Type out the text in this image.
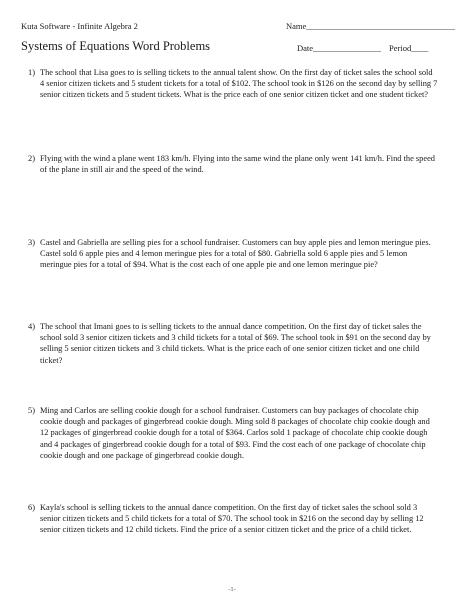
Kuta Software - Infinite Algebra 2	Name___________________________________
Systems of Equations Word Problems	Date________________ Period____
1) The school that Lisa goes to is selling tickets to the annual talent show. On the first day of ticket sales the school sold 4 senior citizen tickets and 5 student tickets for a total of $102. The school took in $126 on the second day by selling 7 senior citizen tickets and 5 student tickets. What is the price each of one senior citizen ticket and one student ticket?
2) Flying with the wind a plane went 183 km/h. Flying into the same wind the plane only went 141 km/h. Find the speed of the plane in still air and the speed of the wind.
3) Castel and Gabriella are selling pies for a school fundraiser. Customers can buy apple pies and lemon meringue pies. Castel sold 6 apple pies and 4 lemon meringue pies for a total of $80. Gabriella sold 6 apple pies and 5 lemon meringue pies for a total of $94. What is the cost each of one apple pie and one lemon meringue pie?
4) The school that Imani goes to is selling tickets to the annual dance competition. On the first day of ticket sales the school sold 3 senior citizen tickets and 3 child tickets for a total of $69. The school took in $91 on the second day by selling 5 senior citizen tickets and 3 child tickets. What is the price each of one senior citizen ticket and one child ticket?
5) Ming and Carlos are selling cookie dough for a school fundraiser. Customers can buy packages of chocolate chip cookie dough and packages of gingerbread cookie dough. Ming sold 8 packages of chocolate chip cookie dough and 12 packages of gingerbread cookie dough for a total of $364. Carlos sold 1 package of chocolate chip cookie dough and 4 packages of gingerbread cookie dough for a total of $93. Find the cost each of one package of chocolate chip cookie dough and one package of gingerbread cookie dough.
6) Kayla's school is selling tickets to the annual dance competition. On the first day of ticket sales the school sold 3 senior citizen tickets and 5 child tickets for a total of $70. The school took in $216 on the second day by selling 12 senior citizen tickets and 12 child tickets. Find the price of a senior citizen ticket and the price of a child ticket.
-1-
